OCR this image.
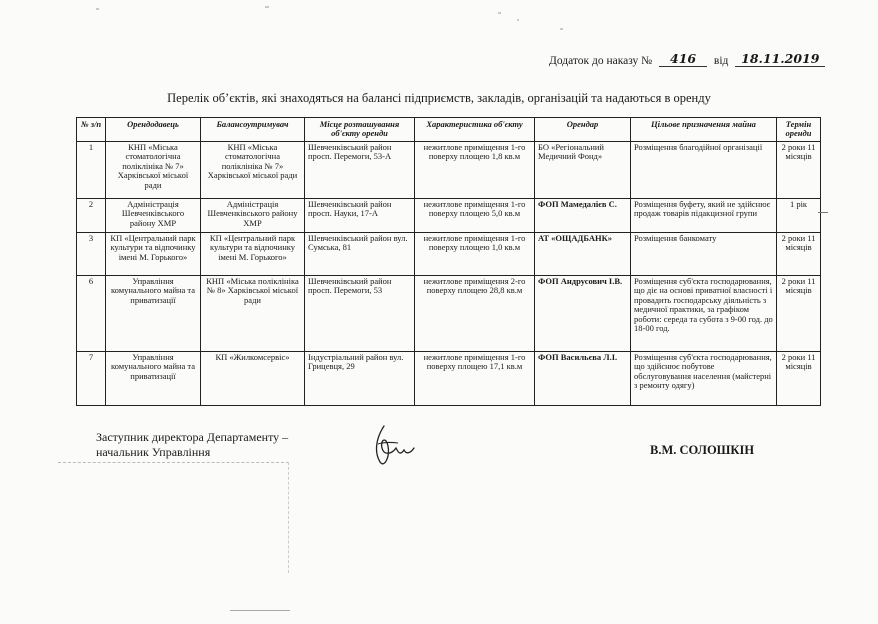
Додаток до наказу № 416 від 18.11.2019
Перелік об’єктів, які знаходяться на балансі підприємств, закладів, організацій та надаються в оренду
№ з/п	Орендодавець	Балансоутримувач	Місце розташування об'єкту оренди	Характеристика об'єкту	Орендар	Цільове призначення майна	Термін оренди
1	КНП «Міська стоматологічна поліклініка № 7» Харківської міської ради	КНП «Міська стоматологічна поліклініка № 7» Харківської міської ради	Шевченківський район просп. Перемоги, 53-А	нежитлове приміщення 1-го поверху площею 1,8 кв.м	БО «Регіональний Медичний Фонд»	Розміщення благодійної організації	2 роки 11 місяців
2	Адміністрація Шевченківського району ХМР	Адміністрація Шевченківського району ХМР	Шевченківський район просп. Науки, 17-А	нежитлове приміщення 1-го поверху площею 5,0 кв.м	ФОП Мамедалієв С.	Розміщення буфету, який не здійснює продаж товарів підакцизної групи	1 рік
3	КП «Центральний парк культури та відпочинку імені М. Горького»	КП «Центральний парк культури та відпочинку імені М. Горького»	Шевченківський район вул. Сумська, 81	нежитлове приміщення 1-го поверху площею 1,0 кв.м	АТ «ОЩАДБАНК»	Розміщення банкомату	2 роки 11 місяців
6	Управління комунального майна та приватизації	КНП «Міська поліклініка № 8» Харківської міської ради	Шевченківський район просп. Перемоги, 53	нежитлове приміщення 2-го поверху площею 28,8 кв.м	ФОП Андрусович І.В.	Розміщення суб'єкта господарювання, що діє на основі приватної власності і провадить господарську діяльність з медичної практики, за графіком роботи: середа та субота з 9-00 год. до 18-00 год.	2 роки 11 місяців
7	Управління комунального майна та приватизації	КП «Жилкомсервіс»	Індустріальний район вул. Грицевця, 29	нежитлове приміщення 1-го поверху площею 17,1 кв.м	ФОП Васильєва Л.І.	Розміщення суб'єкта господарювання, що здійснює побутове обслуговування населення (майстерні з ремонту одягу)	2 роки 11 місяців
Заступник директора Департаменту –
начальник Управління	В.М. СОЛОШКІН
